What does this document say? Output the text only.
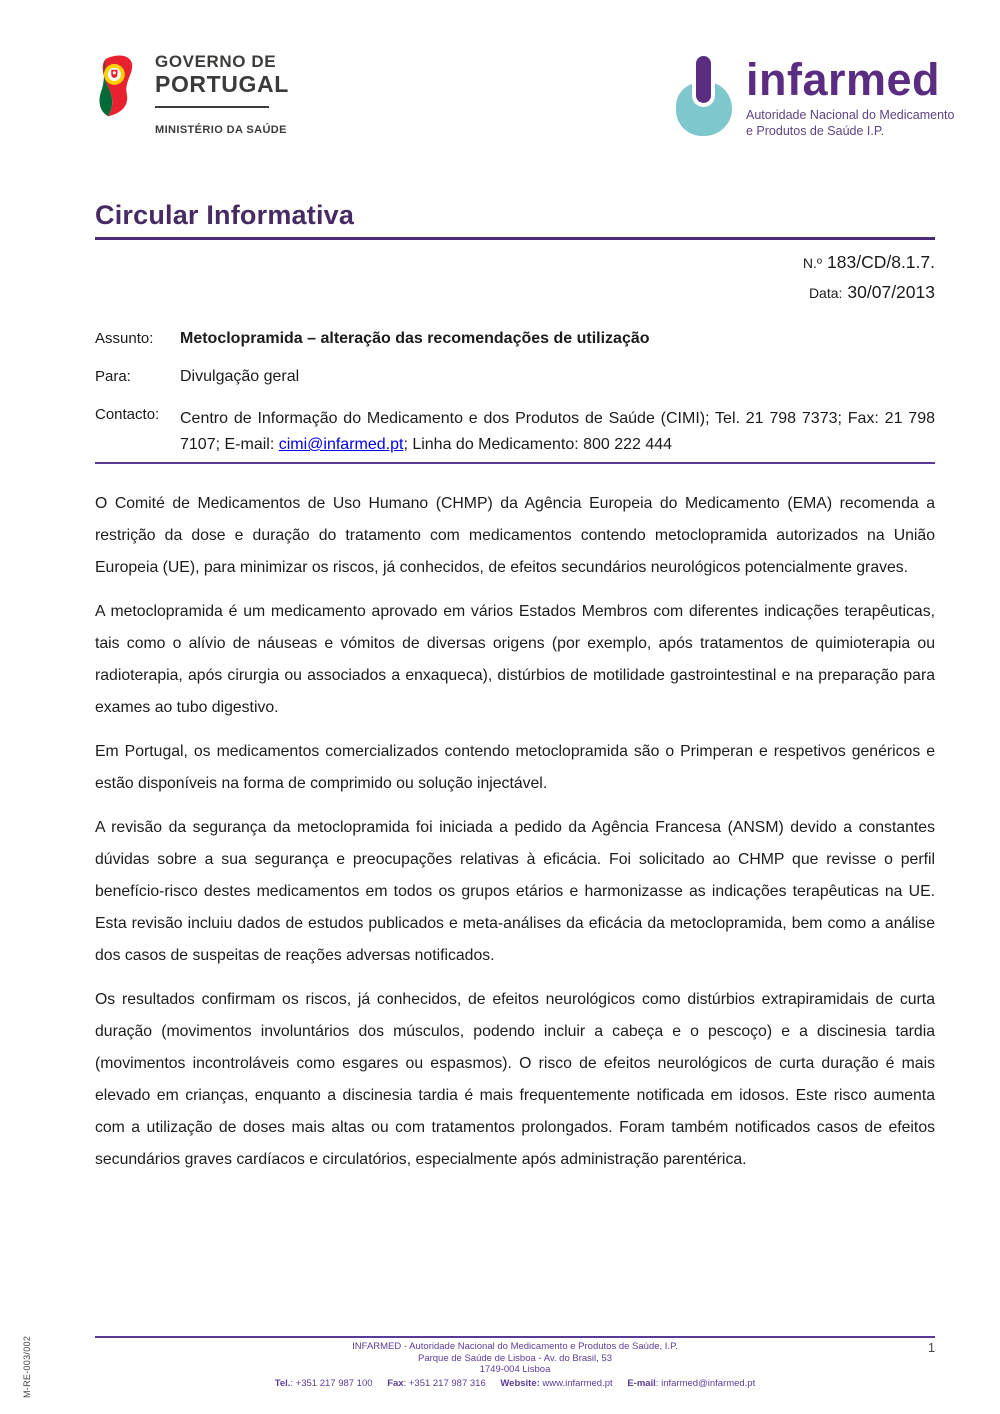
GOVERNO DE
PORTUGAL
MINISTÉRIO DA SAÚDE
infarmed
Autoridade Nacional do Medicamento
e Produtos de Saúde I.P.
Circular Informativa
N.º 183/CD/8.1.7.
Data: 30/07/2013
Assunto:	Metoclopramida – alteração das recomendações de utilização
Para:	Divulgação geral
Contacto:	Centro de Informação do Medicamento e dos Produtos de Saúde (CIMI); Tel. 21 798 7373; Fax: 21 798 7107; E-mail: cimi@infarmed.pt; Linha do Medicamento: 800 222 444

O Comité de Medicamentos de Uso Humano (CHMP) da Agência Europeia do Medicamento (EMA) recomenda a restrição da dose e duração do tratamento com medicamentos contendo metoclopramida autorizados na União Europeia (UE), para minimizar os riscos, já conhecidos, de efeitos secundários neurológicos potencialmente graves.

A metoclopramida é um medicamento aprovado em vários Estados Membros com diferentes indicações terapêuticas, tais como o alívio de náuseas e vómitos de diversas origens (por exemplo, após tratamentos de quimioterapia ou radioterapia, após cirurgia ou associados a enxaqueca), distúrbios de motilidade gastrointestinal e na preparação para exames ao tubo digestivo.

Em Portugal, os medicamentos comercializados contendo metoclopramida são o Primperan e respetivos genéricos e estão disponíveis na forma de comprimido ou solução injectável.

A revisão da segurança da metoclopramida foi iniciada a pedido da Agência Francesa (ANSM) devido a constantes dúvidas sobre a sua segurança e preocupações relativas à eficácia. Foi solicitado ao CHMP que revisse o perfil benefício-risco destes medicamentos em todos os grupos etários e harmonizasse as indicações terapêuticas na UE. Esta revisão incluiu dados de estudos publicados e meta-análises da eficácia da metoclopramida, bem como a análise dos casos de suspeitas de reações adversas notificados.

Os resultados confirmam os riscos, já conhecidos, de efeitos neurológicos como distúrbios extrapiramidais de curta duração (movimentos involuntários dos músculos, podendo incluir a cabeça e o pescoço) e a discinesia tardia (movimentos incontroláveis como esgares ou espasmos). O risco de efeitos neurológicos de curta duração é mais elevado em crianças, enquanto a discinesia tardia é mais frequentemente notificada em idosos. Este risco aumenta com a utilização de doses mais altas ou com tratamentos prolongados. Foram também notificados casos de efeitos secundários graves cardíacos e circulatórios, especialmente após administração parentérica.

INFARMED - Autoridade Nacional do Medicamento e Produtos de Saúde, I.P.
Parque de Saúde de Lisboa - Av. do Brasil, 53
1749-004 Lisboa
Tel.: +351 217 987 100 Fax: +351 217 987 316 Website: www.infarmed.pt E-mail: infarmed@infarmed.pt
1
M-RE-003/002
